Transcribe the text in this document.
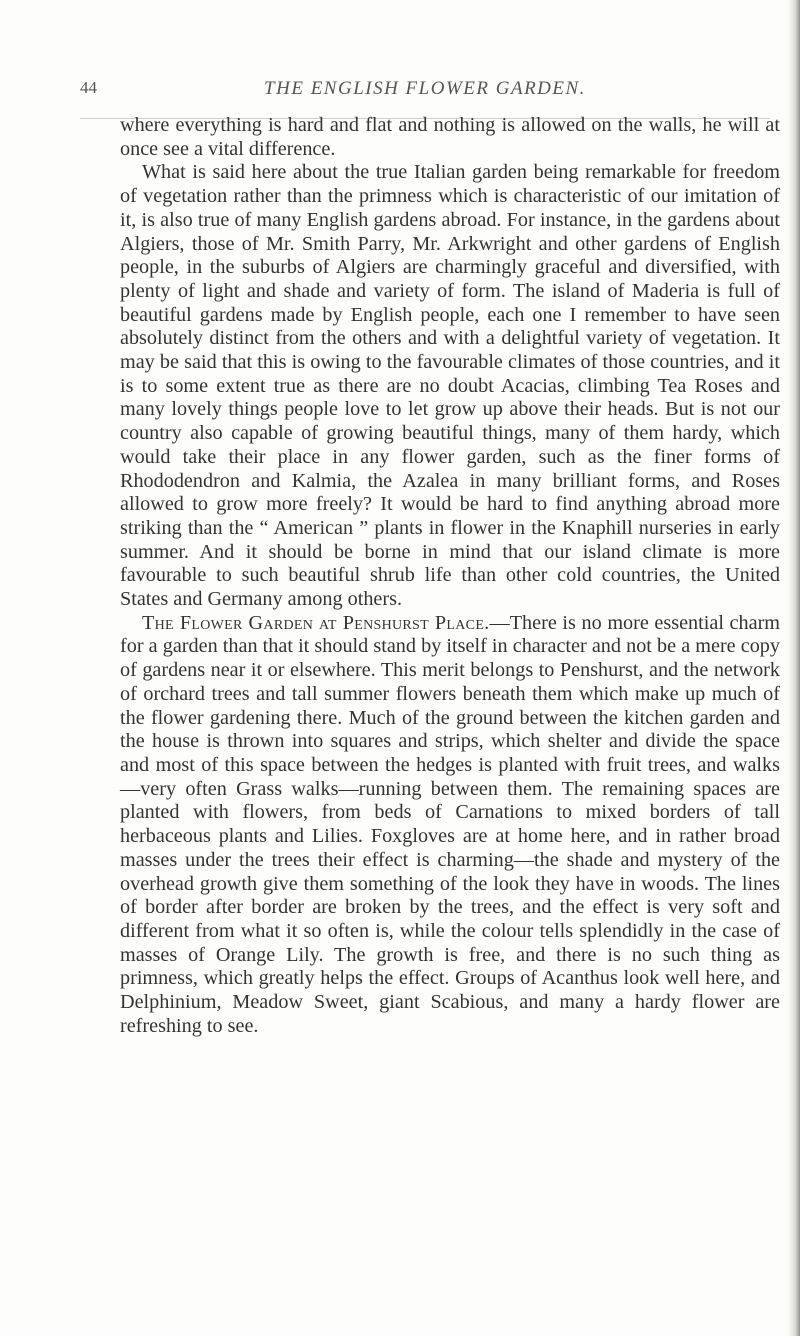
44	THE ENGLISH FLOWER GARDEN.

where everything is hard and flat and nothing is allowed on the walls, he will at once see a vital difference.

What is said here about the true Italian garden being remarkable for freedom of vegetation rather than the primness which is characteristic of our imitation of it, is also true of many English gardens abroad. For instance, in the gardens about Algiers, those of Mr. Smith Parry, Mr. Arkwright and other gardens of English people, in the suburbs of Algiers are charmingly graceful and diversified, with plenty of light and shade and variety of form. The island of Maderia is full of beautiful gardens made by English people, each one I remember to have seen absolutely distinct from the others and with a delightful variety of vegetation. It may be said that this is owing to the favourable climates of those countries, and it is to some extent true as there are no doubt Acacias, climbing Tea Roses and many lovely things people love to let grow up above their heads. But is not our country also capable of growing beautiful things, many of them hardy, which would take their place in any flower garden, such as the finer forms of Rhododendron and Kalmia, the Azalea in many brilliant forms, and Roses allowed to grow more freely? It would be hard to find anything abroad more striking than the “ American ” plants in flower in the Knaphill nurseries in early summer. And it should be borne in mind that our island climate is more favourable to such beautiful shrub life than other cold countries, the United States and Germany among others.

The Flower Garden at Penshurst Place.—There is no more essential charm for a garden than that it should stand by itself in character and not be a mere copy of gardens near it or elsewhere. This merit belongs to Penshurst, and the network of orchard trees and tall summer flowers beneath them which make up much of the flower gardening there. Much of the ground between the kitchen garden and the house is thrown into squares and strips, which shelter and divide the space and most of this space between the hedges is planted with fruit trees, and walks—very often Grass walks—running between them. The remaining spaces are planted with flowers, from beds of Carnations to mixed borders of tall herbaceous plants and Lilies. Foxgloves are at home here, and in rather broad masses under the trees their effect is charming—the shade and mystery of the overhead growth give them something of the look they have in woods. The lines of border after border are broken by the trees, and the effect is very soft and different from what it so often is, while the colour tells splendidly in the case of masses of Orange Lily. The growth is free, and there is no such thing as primness, which greatly helps the effect. Groups of Acanthus look well here, and Delphinium, Meadow Sweet, giant Scabious, and many a hardy flower are refreshing to see.
